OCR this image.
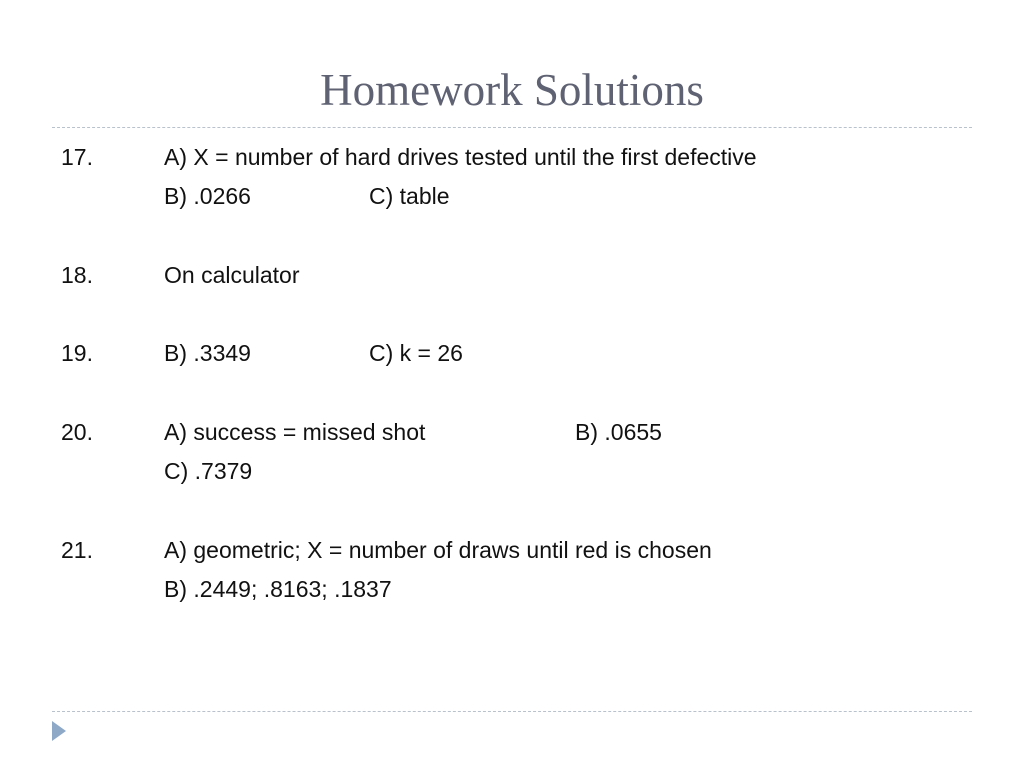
Homework Solutions
17.	A) X = number of hard drives tested until the first defective
B) .0266	C) table
18.	On calculator
19.	B) .3349	C) k = 26
20.	A) success = missed shot	B) .0655
C) .7379
21.	A) geometric; X = number of draws until red is chosen
B) .2449; .8163; .1837
